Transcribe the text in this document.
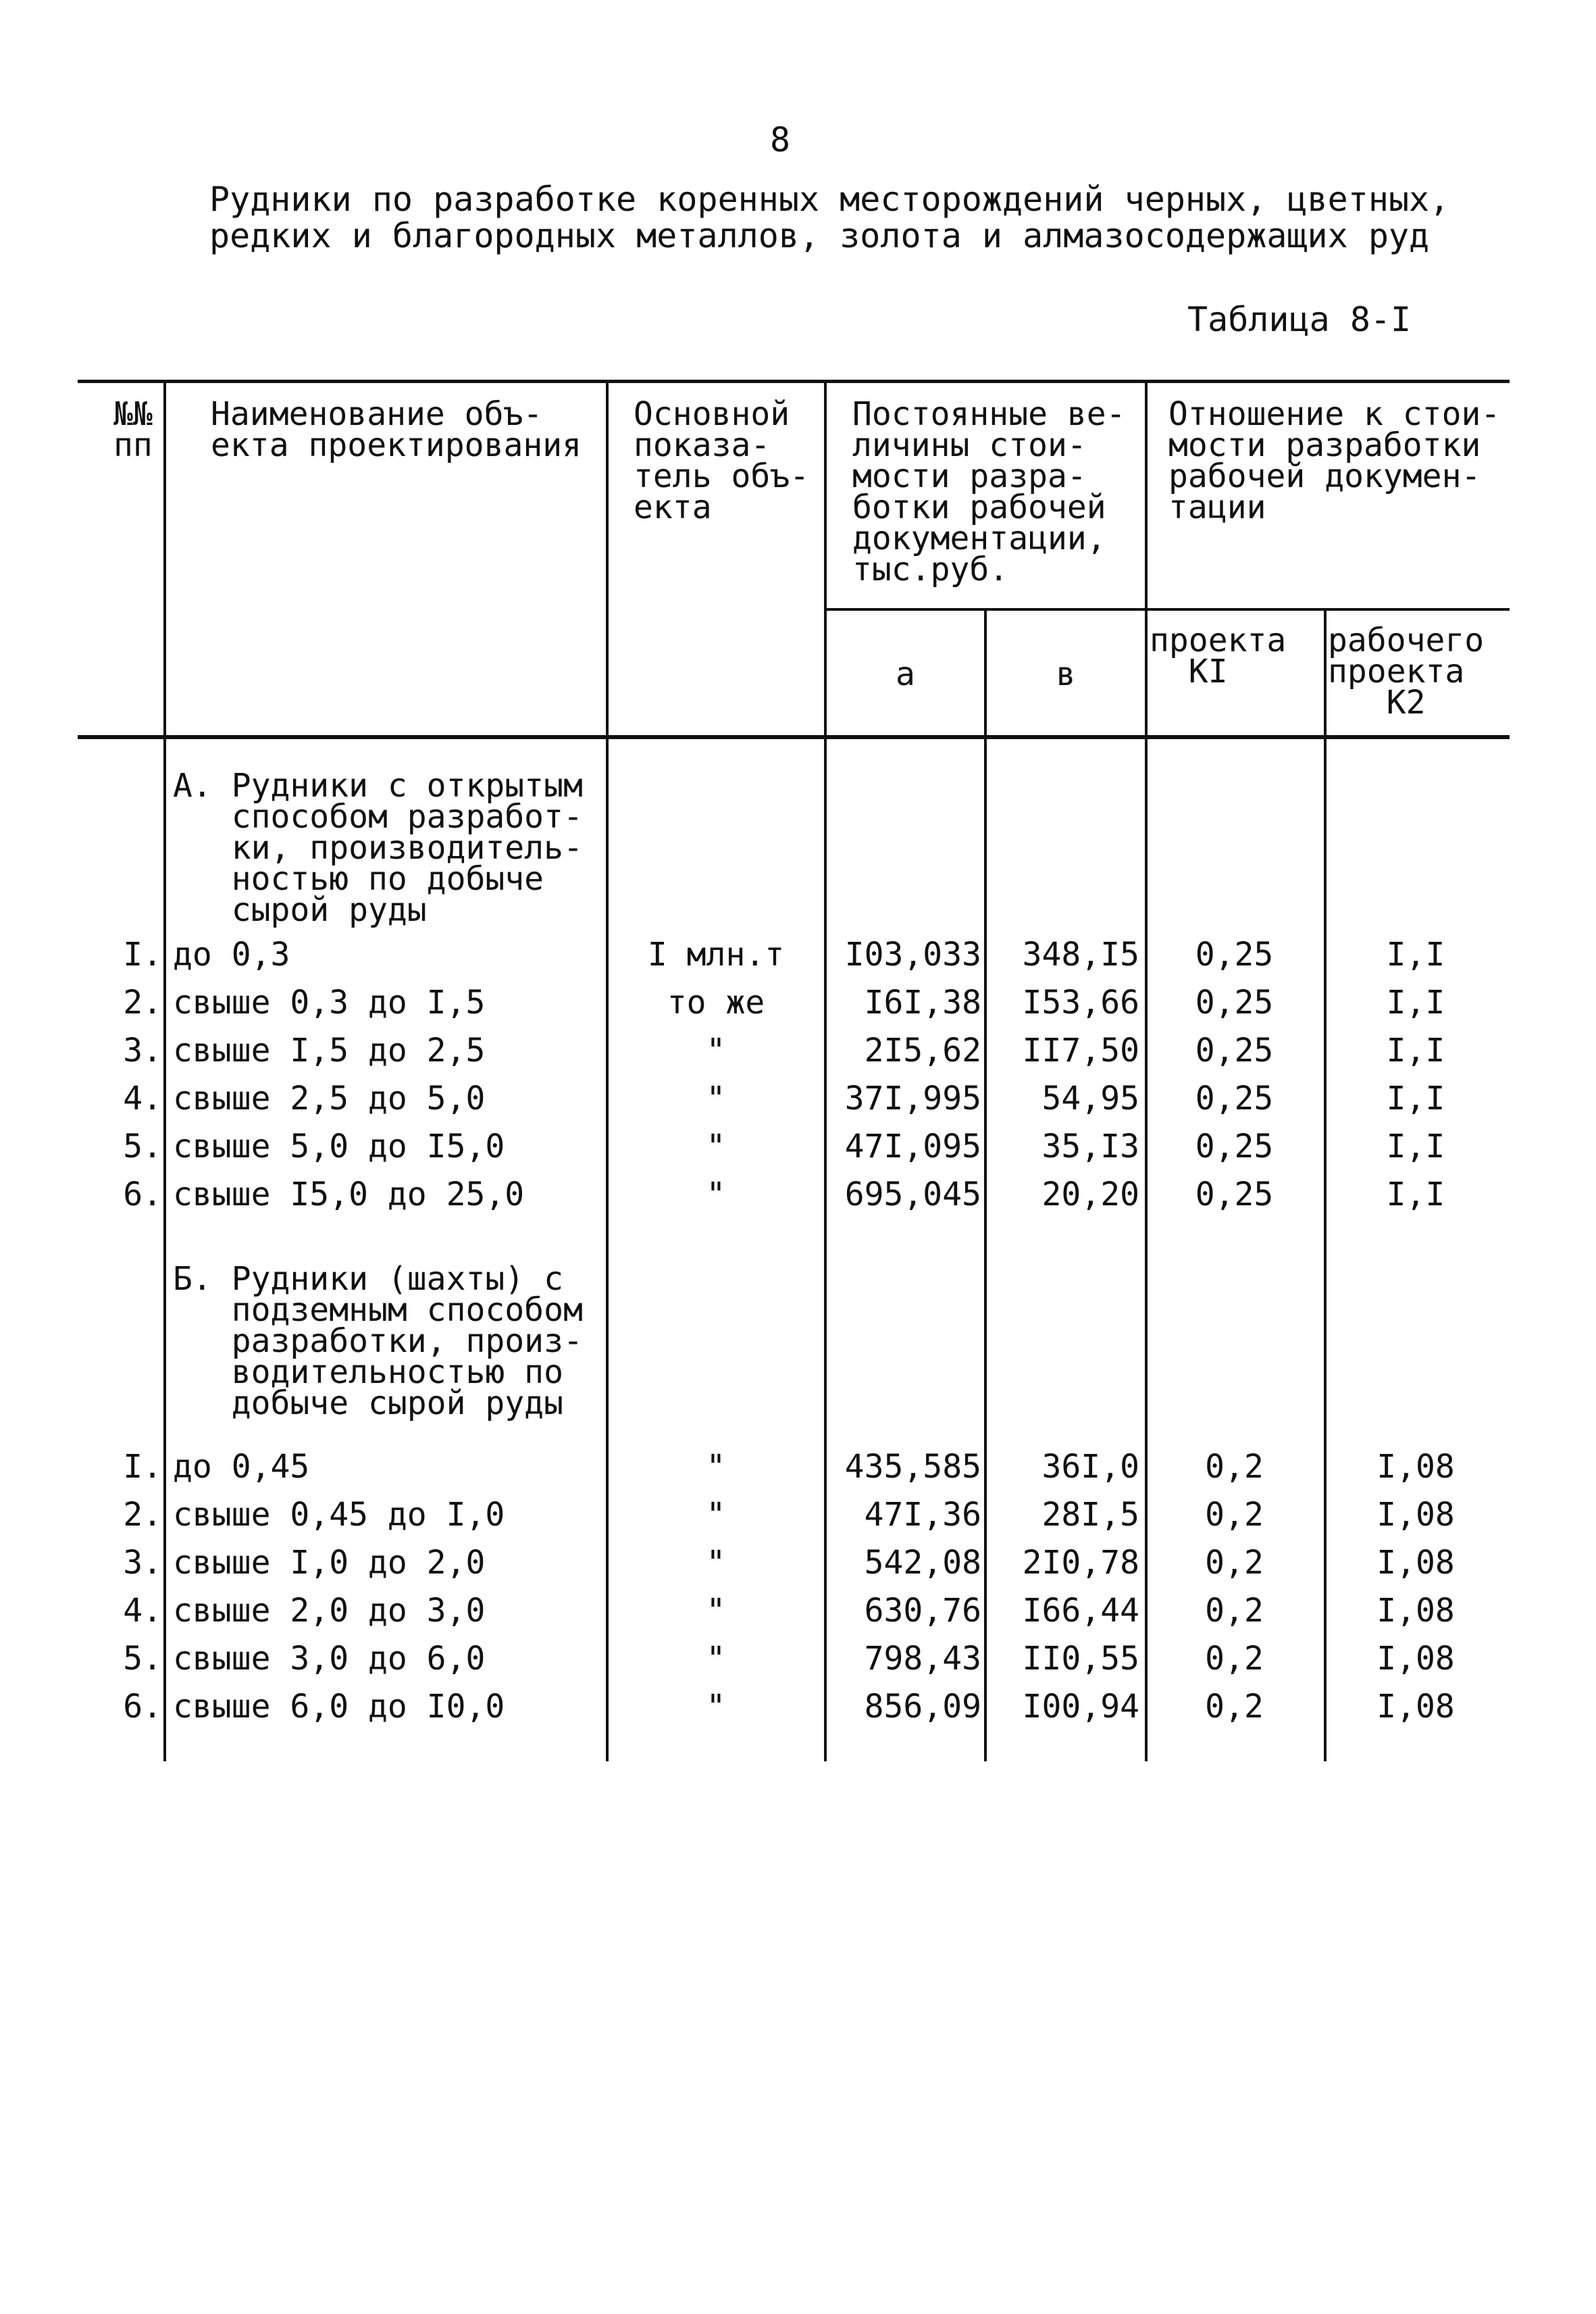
8
Рудники по разработке коренных месторождений черных, цветных,
редких и благородных металлов, золота и алмазосодержащих руд
Таблица 8-I
№№
пп
Наименование объ-
екта проектирования
Основной
показа-
тель объ-
екта
Постоянные ве-
личины стои-
мости разра-
ботки рабочей
документации,
тыс.руб.
Отношение к стои-
мости разработки
рабочей докумен-
тации
а	в
проекта
КI
рабочего
проекта
К2
А. Рудники с открытым
способом разработ-
ки, производитель-
ностью по добыче
сырой руды
I. до 0,3	I млн.т	I03,033	348,I5	0,25	I,I
2. свыше 0,3 до I,5	то же	I6I,38	I53,66	0,25	I,I
3. свыше I,5 до 2,5	"	2I5,62	II7,50	0,25	I,I
4. свыше 2,5 до 5,0	"	37I,995	54,95	0,25	I,I
5. свыше 5,0 до I5,0	"	47I,095	35,I3	0,25	I,I
6. свыше I5,0 до 25,0	"	695,045	20,20	0,25	I,I
Б. Рудники (шахты) с
подземным способом
разработки, произ-
водительностью по
добыче сырой руды
I. до 0,45	"	435,585	36I,0	0,2	I,08
2. свыше 0,45 до I,0	"	47I,36	28I,5	0,2	I,08
3. свыше I,0 до 2,0	"	542,08	2I0,78	0,2	I,08
4. свыше 2,0 до 3,0	"	630,76	I66,44	0,2	I,08
5. свыше 3,0 до 6,0	"	798,43	II0,55	0,2	I,08
6. свыше 6,0 до I0,0	"	856,09	I00,94	0,2	I,08
